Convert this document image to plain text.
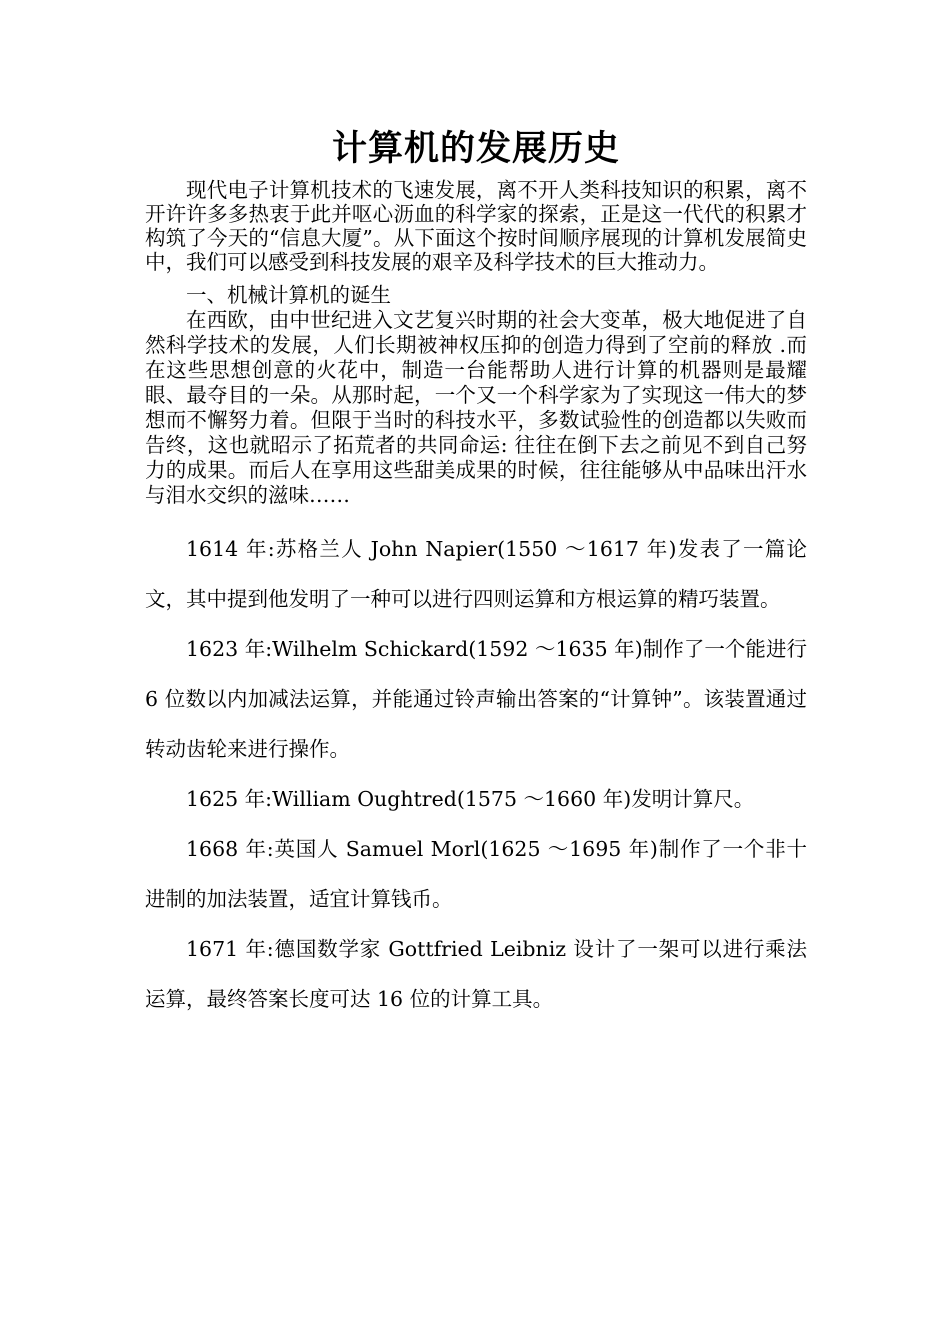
计算机的发展历史

现代电子计算机技术的飞速发展，离不开人类科技知识的积累，离不开许许多多热衷于此并呕心沥血的科学家的探索，正是这一代代的积累才构筑了今天的“信息大厦”。从下面这个按时间顺序展现的计算机发展简史中，我们可以感受到科技发展的艰辛及科学技术的巨大推动力。

一、机械计算机的诞生

在西欧，由中世纪进入文艺复兴时期的社会大变革，极大地促进了自然科学技术的发展，人们长期被神权压抑的创造力得到了空前的释放 .而在这些思想创意的火花中，制造一台能帮助人进行计算的机器则是最耀眼、最夺目的一朵。从那时起，一个又一个科学家为了实现这一伟大的梦想而不懈努力着。但限于当时的科技水平，多数试验性的创造都以失败而告终，这也就昭示了拓荒者的共同命运: 往往在倒下去之前见不到自己努力的成果。而后人在享用这些甜美成果的时候，往往能够从中品味出汗水与泪水交织的滋味……

1614 年:苏格兰人 John Napier(1550 ～1617 年)发表了一篇论文，其中提到他发明了一种可以进行四则运算和方根运算的精巧装置。

1623 年:Wilhelm Schickard(1592 ～1635 年)制作了一个能进行 6 位数以内加减法运算，并能通过铃声输出答案的“计算钟”。该装置通过转动齿轮来进行操作。

1625 年:William Oughtred(1575 ～1660 年)发明计算尺。

1668 年:英国人 Samuel Morl(1625 ～1695 年)制作了一个非十进制的加法装置，适宜计算钱币。

1671 年:德国数学家 Gottfried Leibniz 设计了一架可以进行乘法运算，最终答案长度可达 16 位的计算工具。
